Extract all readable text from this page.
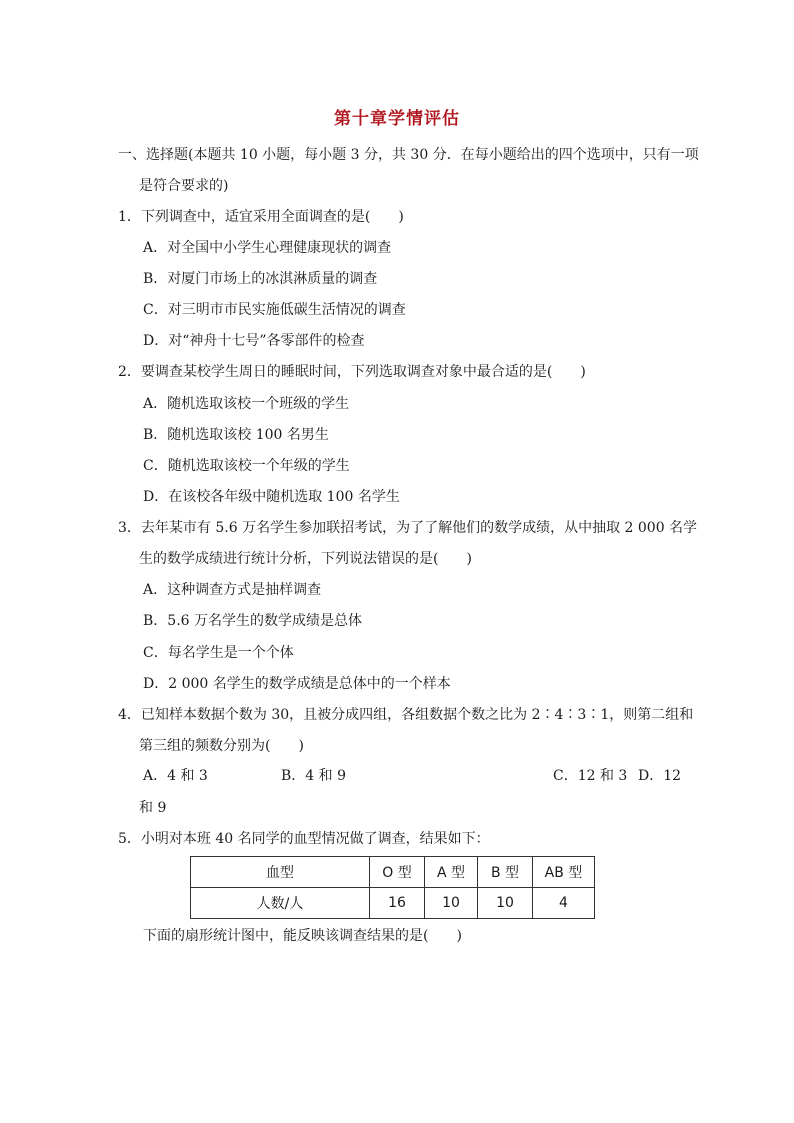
第十章学情评估
一、选择题(本题共 10 小题，每小题 3 分，共 30 分．在每小题给出的四个选项中，只有一项
是符合要求的)
1．下列调查中，适宜采用全面调查的是(　　)
A．对全国中小学生心理健康现状的调查
B．对厦门市场上的冰淇淋质量的调查
C．对三明市市民实施低碳生活情况的调查
D．对“神舟十七号”各零部件的检查
2．要调查某校学生周日的睡眠时间，下列选取调查对象中最合适的是(　　)
A．随机选取该校一个班级的学生
B．随机选取该校 100 名男生
C．随机选取该校一个年级的学生
D．在该校各年级中随机选取 100 名学生
3．去年某市有 5.6 万名学生参加联招考试，为了了解他们的数学成绩，从中抽取 2 000 名学
生的数学成绩进行统计分析，下列说法错误的是(　　)
A．这种调查方式是抽样调查
B．5.6 万名学生的数学成绩是总体
C．每名学生是一个个体
D．2 000 名学生的数学成绩是总体中的一个样本
4．已知样本数据个数为 30，且被分成四组，各组数据个数之比为 2∶4∶3∶1，则第二组和
第三组的频数分别为(　　)
A．4 和 3	B．4 和 9	C．12 和 3 D．12
和 9
5．小明对本班 40 名同学的血型情况做了调查，结果如下：
血型	O 型	A 型	B 型	AB 型
人数/人	16	10	10	4
下面的扇形统计图中，能反映该调查结果的是(　　)
